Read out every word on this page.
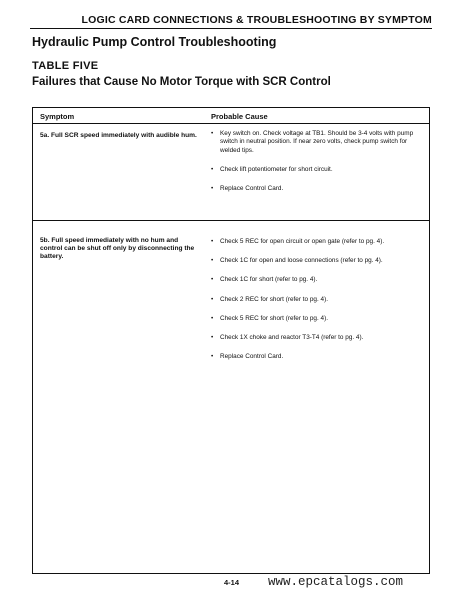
LOGIC CARD CONNECTIONS & TROUBLESHOOTING BY SYMPTOM
Hydraulic Pump Control Troubleshooting
TABLE FIVE
Failures that Cause No Motor Torque with SCR Control
Symptom	Probable Cause
5a. Full SCR speed immediately with audible hum.	• Key switch on. Check voltage at TB1. Should be 3-4 volts with pump switch in neutral position. If near zero volts, check pump switch for welded tips.
• Check lift potentiometer for short circuit.
• Replace Control Card.
5b. Full speed immediately with no hum and control can be shut off only by disconnecting the battery.
• Check 5 REC for open circuit or open gate (refer to pg. 4).
• Check 1C for open and loose connections (refer to pg. 4).
• Check 1C for short (refer to pg. 4).
• Check 2 REC for short (refer to pg. 4).
• Check 5 REC for short (refer to pg. 4).
• Check 1X choke and reactor T3-T4 (refer to pg. 4).
• Replace Control Card.
4-14 www.epcatalogs.com
